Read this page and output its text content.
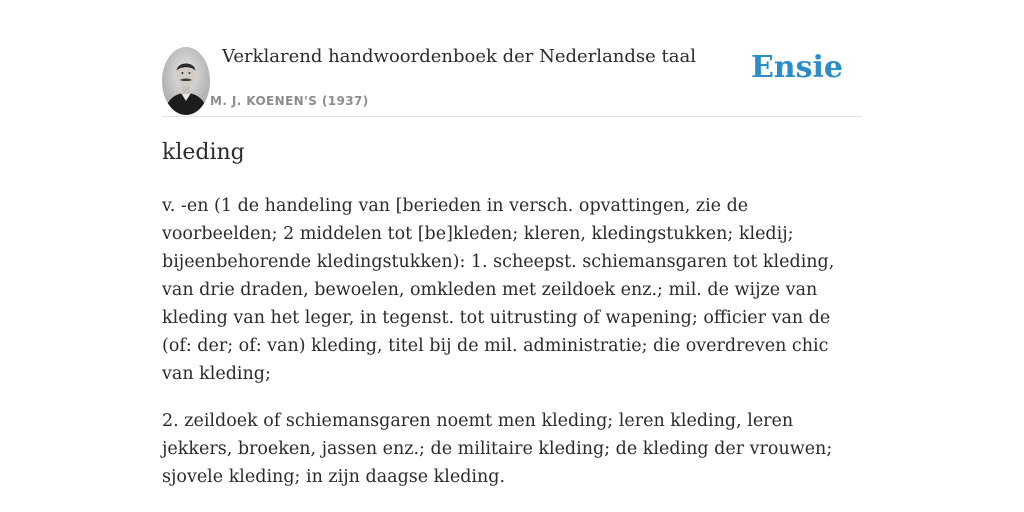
Verklarend handwoordenboek der Nederlandse taal
M. J. KOENEN'S (1937)
Ensie
kleding

v. -en (1 de handeling van [berieden in versch. opvattingen, zie de voorbeelden; 2 middelen tot [be]kleden; kleren, kledingstukken; kledij; bijeenbehorende kledingstukken): 1. scheepst. schiemansgaren tot kleding, van drie draden, bewoelen, omkleden met zeildoek enz.; mil. de wijze van kleding van het leger, in tegenst. tot uitrusting of wapening; officier van de (of: der; of: van) kleding, titel bij de mil. administratie; die overdreven chic van kleding;

2. zeildoek of schiemansgaren noemt men kleding; leren kleding, leren jekkers, broeken, jassen enz.; de militaire kleding; de kleding der vrouwen; sjovele kleding; in zijn daagse kleding.
